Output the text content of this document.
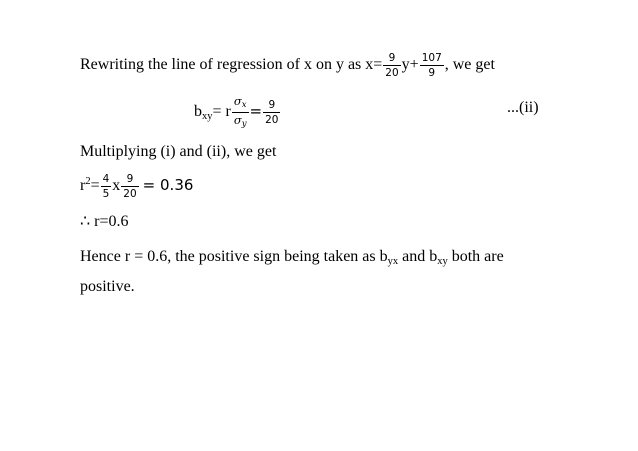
Rewriting the line of regression of x on y as $x= \frac{9}{20} y+ \frac{107}{9}$ , we get
$b_{xy}= r \frac{\sigma_x}{\sigma_y} = \frac{9}{20}$	...(ii)
Multiplying (i) and (ii), we get
$r^2= \frac{4}{5}$ x $\frac{9}{20} = 0.36$
∴ r=0.6
Hence r = 0.6, the positive sign being taken as $b_{yx}$ and $b_{xy}$ both are positive.
